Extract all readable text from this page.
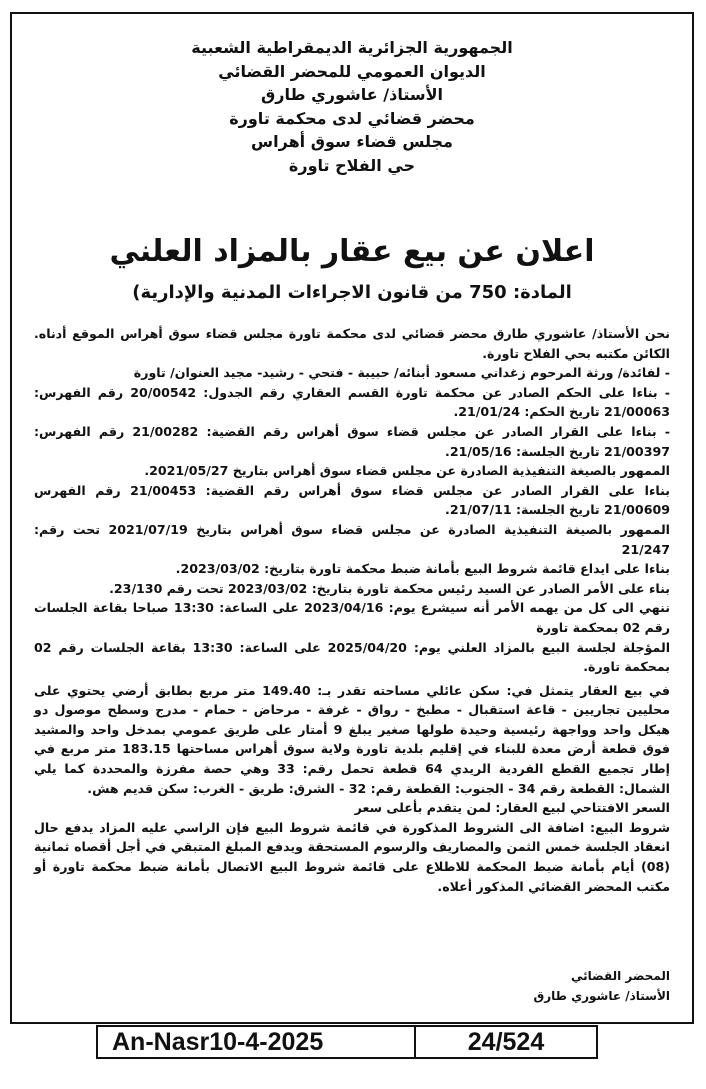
الجمهورية الجزائرية الديمقراطية الشعبية
الديوان العمومي للمحضر القضائي
الأستاذ/ عاشوري طارق
محضر قضائي لدى محكمة تاورة
مجلس قضاء سوق أهراس
حي الفلاح تاورة
اعلان عن بيع عقار بالمزاد العلني
المادة: 750 من قانون الاجراءات المدنية والإدارية)

نحن الأستاذ/ عاشوري طارق محضر قضائي لدى محكمة تاورة مجلس قضاء سوق أهراس الموقع أدناه. الكائن مكتبه بحي الفلاح تاورة.

- لفائدة/ ورثة المرحوم زغداني مسعود أبنائه/ حبيبة - فتحي - رشيد- مجيد العنوان/ تاورة

- بناءا على الحكم الصادر عن محكمة تاورة القسم العقاري رقم الجدول: 20/00542 رقم الفهرس: 21/00063 تاريخ الحكم: 21/01/24.

- بناءا على القرار الصادر عن مجلس قضاء سوق أهراس رقم القضية: 21/00282 رقم الفهرس: 21/00397 تاريخ الجلسة: 21/05/16.

الممهور بالصيغة التنفيذية الصادرة عن مجلس قضاء سوق أهراس بتاريخ 2021/05/27.

بناءا على القرار الصادر عن مجلس قضاء سوق أهراس رقم القضية: 21/00453 رقم الفهرس 21/00609 تاريخ الجلسة: 21/07/11.

الممهور بالصيغة التنفيذية الصادرة عن مجلس قضاء سوق أهراس بتاريخ 2021/07/19 تحت رقم: 21/247

بناءا على ايداع قائمة شروط البيع بأمانة ضبط محكمة تاورة بتاريخ: 2023/03/02.

بناء على الأمر الصادر عن السيد رئيس محكمة تاورة بتاريخ: 2023/03/02 تحت رقم 23/130.

ننهي الى كل من يهمه الأمر أنه سيشرع يوم: 2023/04/16 على الساعة: 13:30 صباحا بقاعة الجلسات رقم 02 بمحكمة تاورة

المؤجلة لجلسة البيع بالمزاد العلني يوم: 2025/04/20 على الساعة: 13:30 بقاعة الجلسات رقم 02 بمحكمة تاورة.

في بيع العقار يتمثل في: سكن عائلي مساحته تقدر بـ: 149.40 متر مربع بطابق أرضي يحتوي على محليين تجاريين - قاعة استقبال - مطبخ - رواق - غرفة - مرحاض - حمام - مدرج وسطح موصول دو هيكل واحد وواجهة رئيسية وحيدة طولها صغير يبلغ 9 أمتار على طريق عمومي بمدخل واحد والمشيد فوق قطعة أرض معدة للبناء في إقليم بلدية تاورة ولاية سوق أهراس مساحتها 183.15 متر مربع في إطار تجميع القطع الفردية الريدي 64 قطعة تحمل رقم: 33 وهي حصة مفرزة والمحددة كما يلي الشمال: القطعة رقم 34 - الجنوب: القطعة رقم: 32 - الشرق: طريق - الغرب: سكن قديم هش.

السعر الافتتاحي لبيع العقار: لمن يتقدم بأعلى سعر

شروط البيع: اضافة الى الشروط المذكورة في قائمة شروط البيع فإن الراسي عليه المزاد يدفع حال انعقاد الجلسة خمس الثمن والمصاريف والرسوم المستحقة ويدفع المبلغ المتبقي في أجل أقصاه ثمانية (08) أيام بأمانة ضبط المحكمة للاطلاع على قائمة شروط البيع الاتصال بأمانة ضبط محكمة تاورة أو مكتب المحضر القضائي المذكور أعلاه.

المحضر القضائي
الأستاذ/ عاشوري طارق
An-Nasr10-4-2025	24/524
